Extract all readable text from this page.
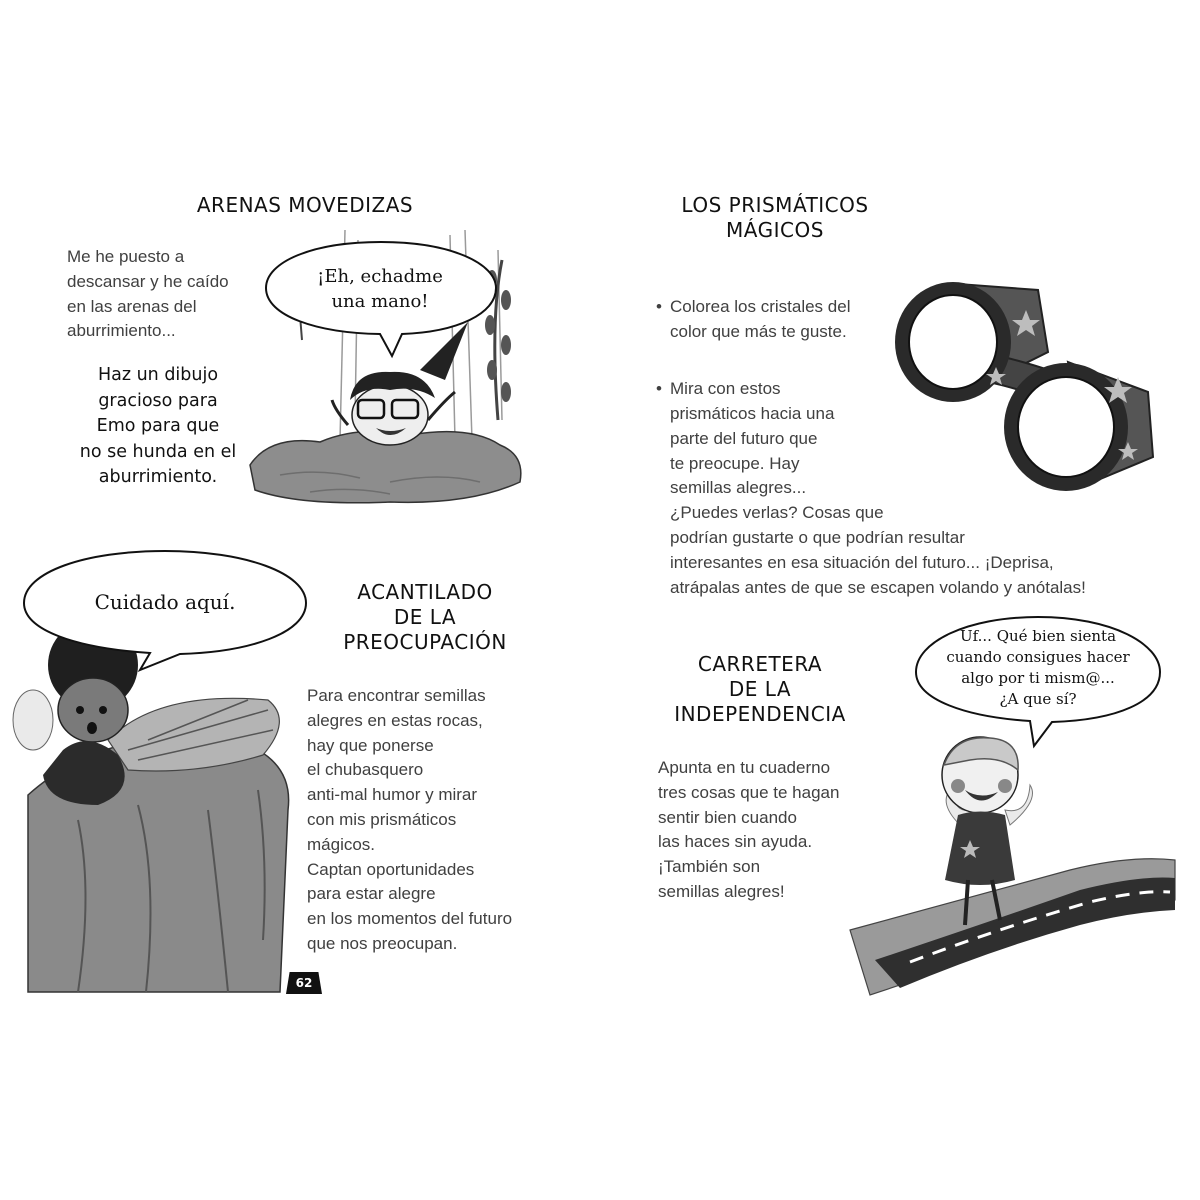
ARENAS MOVEDIZAS
Me he puesto a
descansar y he caído
en las arenas del
aburrimiento...
Haz un dibujo
gracioso para
Emo para que
no se hunda en el
aburrimiento.
¡Eh, echadme
una mano!
Cuidado aquí.	ACANTILADO
DE LA
PREOCUPACIÓN
Para encontrar semillas
alegres en estas rocas,
hay que ponerse
el chubasquero
anti-mal humor y mirar
con mis prismáticos
mágicos.
Captan oportunidades
para estar alegre
en los momentos del futuro
que nos preocupan.
62
LOS PRISMÁTICOS
MÁGICOS

• Colorea los cristales del
color que más te guste.

• Mira con estos
prismáticos hacia una
parte del futuro que
te preocupe. Hay
semillas alegres...
¿Puedes verlas? Cosas que
podrían gustarte o que podrían resultar
interesantes en esa situación del futuro... ¡Deprisa,
atrápalas antes de que se escapen volando y anótalas!

CARRETERA
DE LA
INDEPENDENCIA
Apunta en tu cuaderno
tres cosas que te hagan
sentir bien cuando
las haces sin ayuda.
¡También son
semillas alegres!
Uf... Qué bien sienta
cuando consigues hacer
algo por ti mism@...
¿A que sí?
